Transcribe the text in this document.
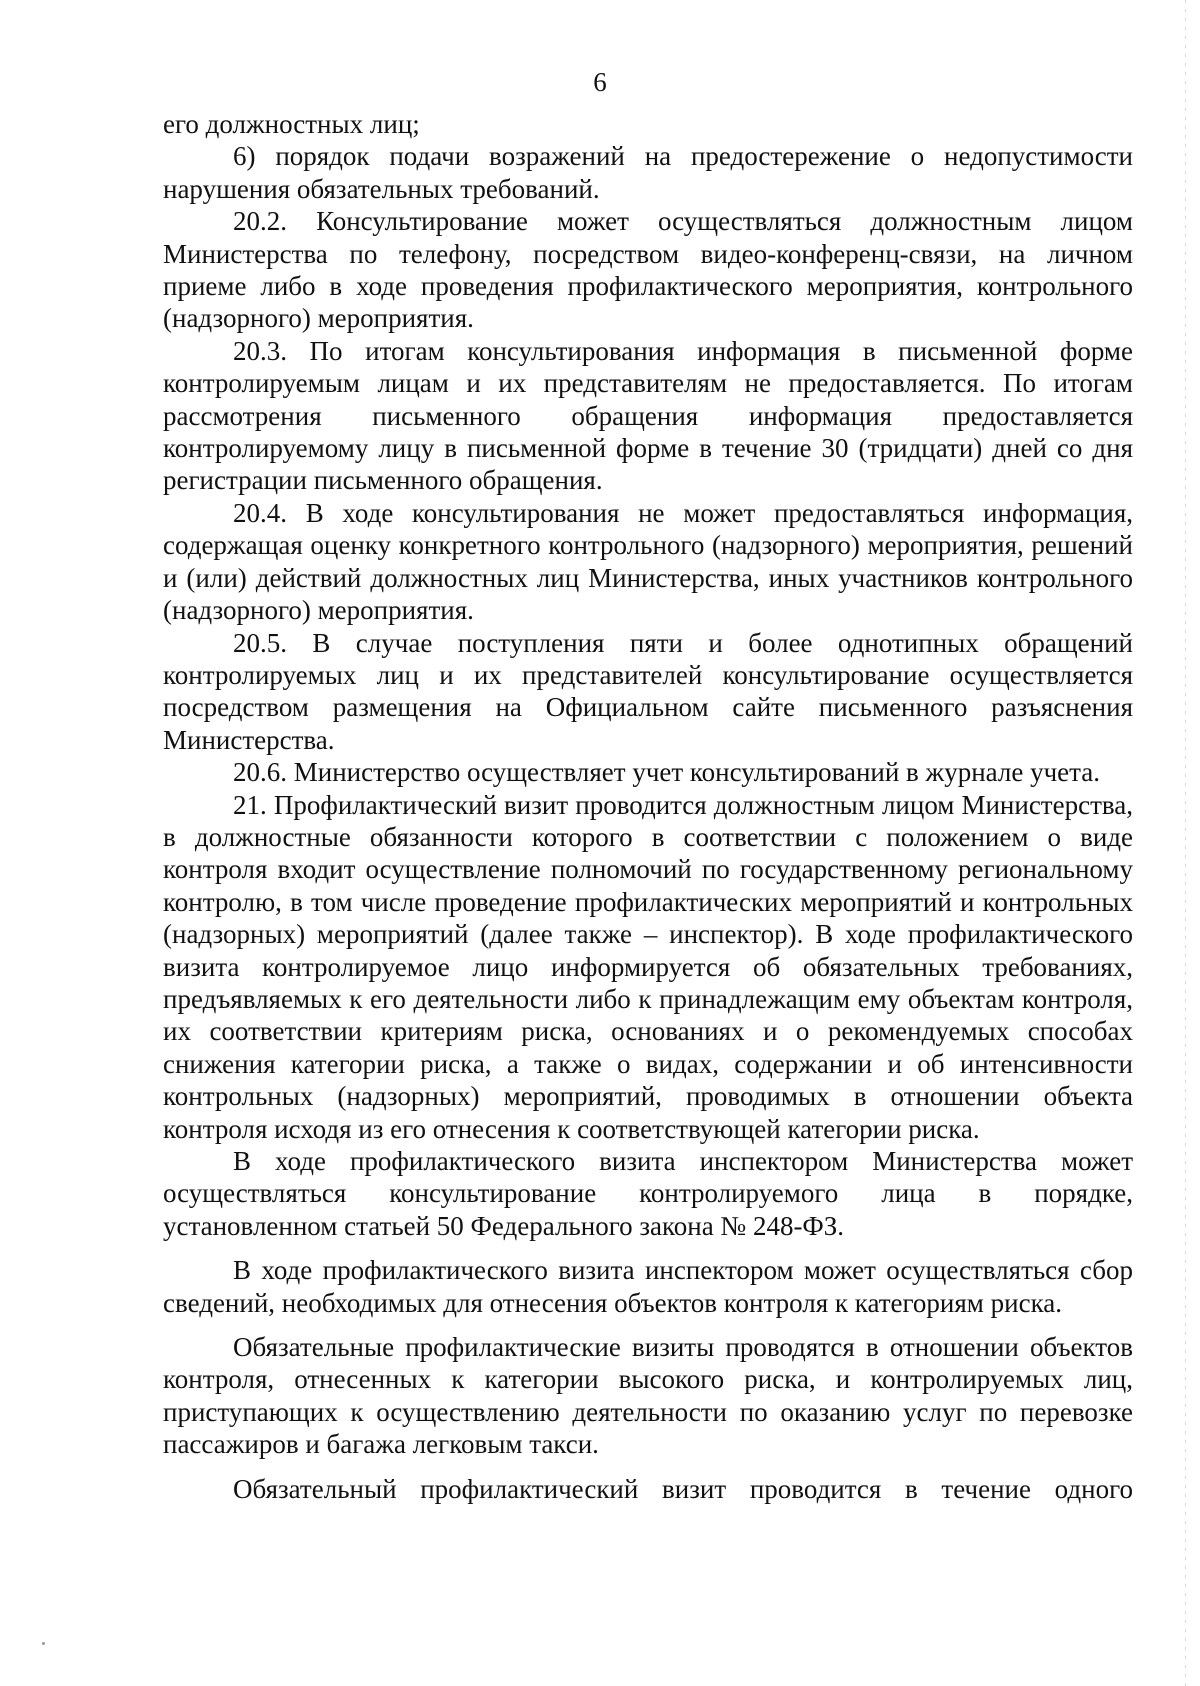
6

его должностных лиц;

6) порядок подачи возражений на предостережение о недопустимости нарушения обязательных требований.

20.2. Консультирование может осуществляться должностным лицом Министерства по телефону, посредством видео-конференц-связи, на личном приеме либо в ходе проведения профилактического мероприятия, контрольного (надзорного) мероприятия.

20.3. По итогам консультирования информация в письменной форме контролируемым лицам и их представителям не предоставляется. По итогам рассмотрения письменного обращения информация предоставляется контролируемому лицу в письменной форме в течение 30 (тридцати) дней со дня регистрации письменного обращения.

20.4. В ходе консультирования не может предоставляться информация, содержащая оценку конкретного контрольного (надзорного) мероприятия, решений и (или) действий должностных лиц Министерства, иных участников контрольного (надзорного) мероприятия.

20.5. В случае поступления пяти и более однотипных обращений контролируемых лиц и их представителей консультирование осуществляется посредством размещения на Официальном сайте письменного разъяснения Министерства.

20.6. Министерство осуществляет учет консультирований в журнале учета.

21. Профилактический визит проводится должностным лицом Министерства, в должностные обязанности которого в соответствии с положением о виде контроля входит осуществление полномочий по государственному региональному контролю, в том числе проведение профилактических мероприятий и контрольных (надзорных) мероприятий (далее также – инспектор). В ходе профилактического визита контролируемое лицо информируется об обязательных требованиях, предъявляемых к его деятельности либо к принадлежащим ему объектам контроля, их соответствии критериям риска, основаниях и о рекомендуемых способах снижения категории риска, а также о видах, содержании и об интенсивности контрольных (надзорных) мероприятий, проводимых в отношении объекта контроля исходя из его отнесения к соответствующей категории риска.

В ходе профилактического визита инспектором Министерства может осуществляться консультирование контролируемого лица в порядке, установленном статьей 50 Федерального закона № 248-ФЗ.

В ходе профилактического визита инспектором может осуществляться сбор сведений, необходимых для отнесения объектов контроля к категориям риска.

Обязательные профилактические визиты проводятся в отношении объектов контроля, отнесенных к категории высокого риска, и контролируемых лиц, приступающих к осуществлению деятельности по оказанию услуг по перевозке пассажиров и багажа легковым такси.

Обязательный профилактический визит проводится в течение одного
